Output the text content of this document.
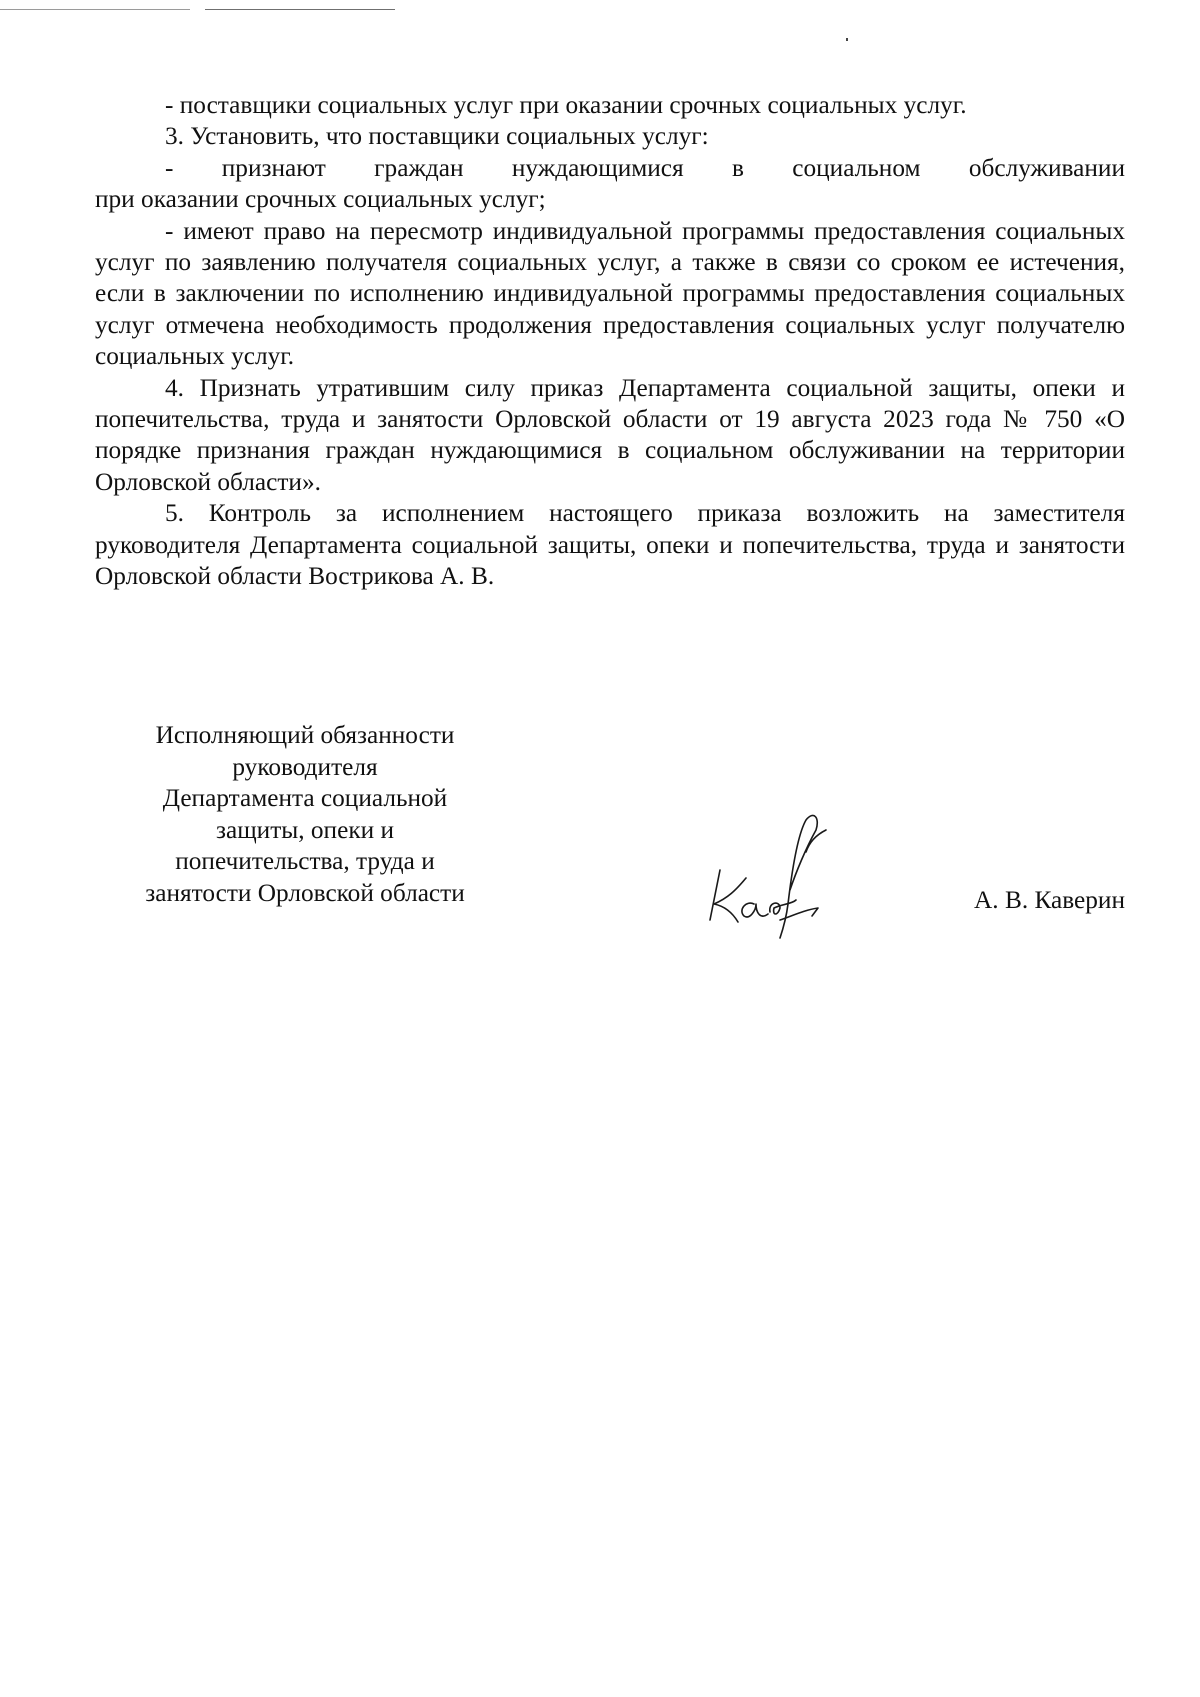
- поставщики социальных услуг при оказании срочных социальных услуг.

3. Установить, что поставщики социальных услуг:

- признают граждан нуждающимися в социальном обслуживании

при оказании срочных социальных услуг;

- имеют право на пересмотр индивидуальной программы предоставления социальных услуг по заявлению получателя социальных услуг, а также в связи со сроком ее истечения, если в заключении по исполнению индивидуальной программы предоставления социальных услуг отмечена необходимость продолжения предоставления социальных услуг получателю социальных услуг.

4. Признать утратившим силу приказ Департамента социальной защиты, опеки и попечительства, труда и занятости Орловской области от 19 августа 2023 года № 750 «О порядке признания граждан нуждающимися в социальном обслуживании на территории Орловской области».

5. Контроль за исполнением настоящего приказа возложить на заместителя руководителя Департамента социальной защиты, опеки и попечительства, труда и занятости Орловской области Вострикова А. В.

Исполняющий обязанности
руководителя
Департамента социальной
защиты, опеки и
попечительства, труда и
занятости Орловской области	А. В. Каверин
